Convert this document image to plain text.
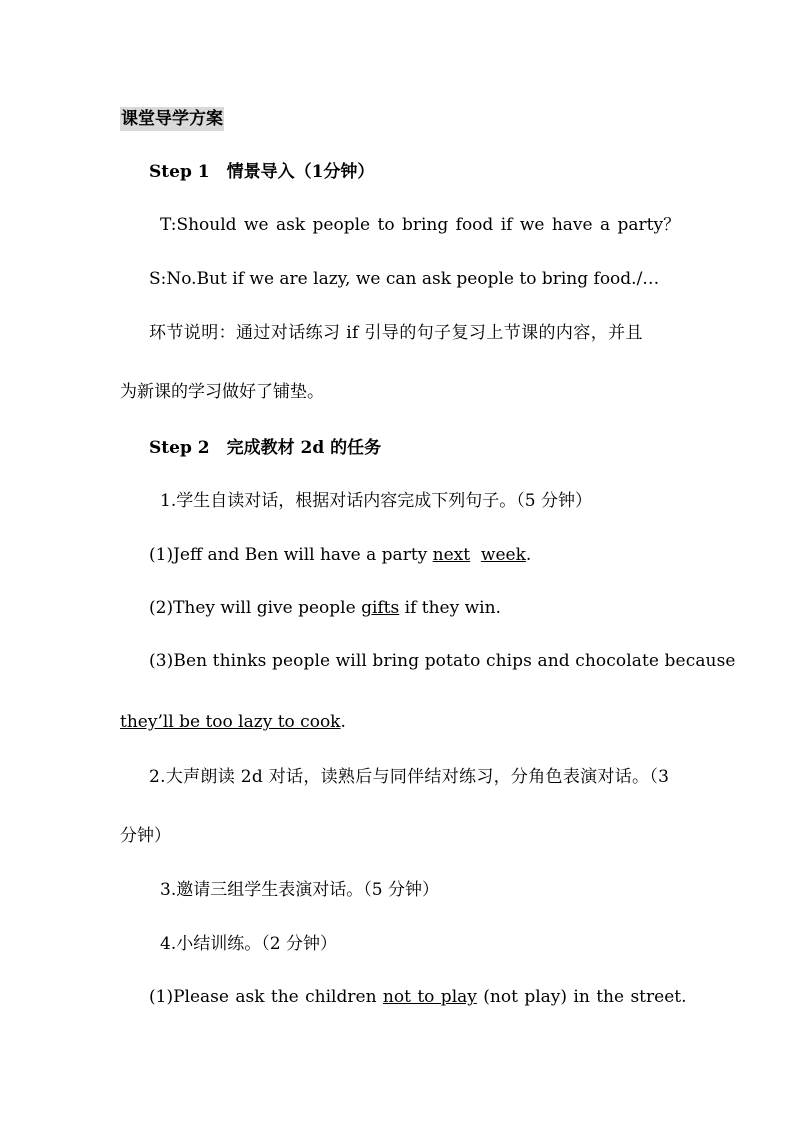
课堂导学方案
Step 1　情景导入（1分钟）
T:Should we ask people to bring food if we have a party？
S:No.But if we are lazy, we can ask people to bring food./…
环节说明：通过对话练习 if 引导的句子复习上节课的内容，并且
为新课的学习做好了铺垫。
Step 2　完成教材 2d 的任务
1.学生自读对话，根据对话内容完成下列句子。（5 分钟）
(1)Jeff and Ben will have a party next week.
(2)They will give people gifts if they win.
(3)Ben thinks people will bring potato chips and chocolate because
they’ll be too lazy to cook.
2.大声朗读 2d 对话，读熟后与同伴结对练习，分角色表演对话。（3
分钟）
3.邀请三组学生表演对话。（5 分钟）
4.小结训练。（2 分钟）
(1)Please ask the children not to play (not play) in the street.
